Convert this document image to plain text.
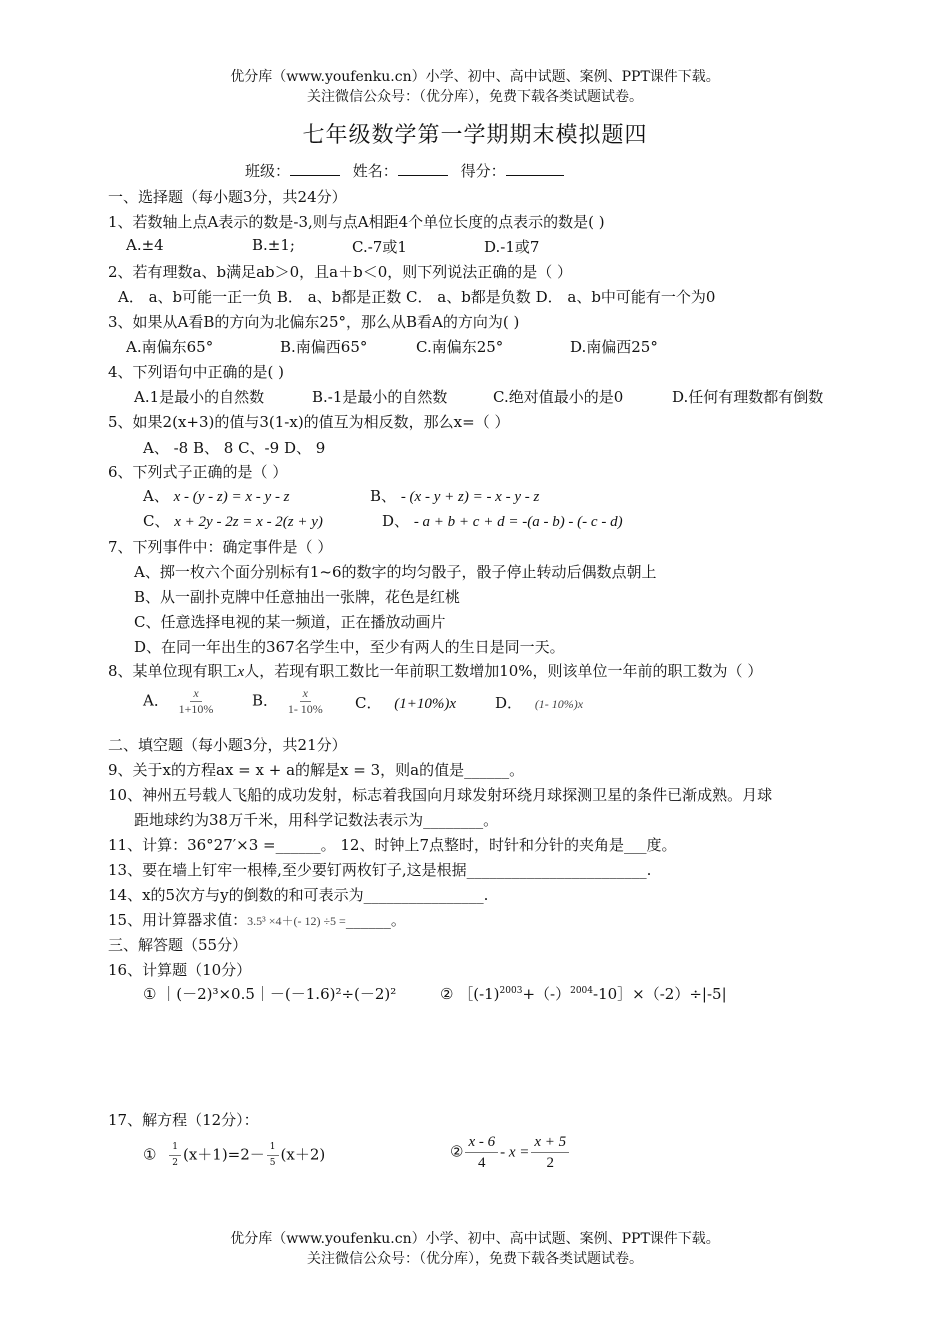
优分库（www.youfenku.cn）小学、初中、高中试题、案例、PPT课件下载。
关注微信公众号：（优分库），免费下载各类试题试卷。
七年级数学第一学期期末模拟题四
班级：	姓名：	得分：
一、选择题（每小题3分，共24分）
1、若数轴上点A表示的数是-3,则与点A相距4个单位长度的点表示的数是( )
A.±4	B.±1;	C.-7或1	D.-1或7
2、若有理数a、b满足ab＞0，且a＋b＜0，则下列说法正确的是（ ）
A． a、b可能一正一负 B． a、b都是正数 C． a、b都是负数 D． a、b中可能有一个为0
3、如果从A看B的方向为北偏东25°，那么从B看A的方向为( )
A.南偏东65°	B.南偏西65°	C.南偏东25°	D.南偏西25°
4、下列语句中正确的是( )
A.1是最小的自然数	B.-1是最小的自然数	C.绝对值最小的是0	D.任何有理数都有倒数
5、如果2(x+3)的值与3(1-x)的值互为相反数，那么x=（ ）
A、 -8 B、 8 C、-9 D、 9
6、下列式子正确的是（ ）
A、 x - (y - z) = x - y - z	B、 - (x - y + z) = - x - y - z
C、 x + 2y - 2z = x - 2(z + y)	D、 - a + b + c + d = -(a - b) - (- c - d)
7、下列事件中：确定事件是（ ）
A、掷一枚六个面分别标有1~6的数字的均匀骰子，骰子停止转动后偶数点朝上
B、从一副扑克牌中任意抽出一张牌，花色是红桃
C、任意选择电视的某一频道，正在播放动画片
D、在同一年出生的367名学生中，至少有两人的生日是同一天。
8、某单位现有职工x人，若现有职工数比一年前职工数增加10%，则该单位一年前的职工数为（ ）
A． $\frac{x}{1+10\%}$ B． $\frac{x}{1- 10\%}$ C． (1+10%)x	D． (1- 10%)x
二、填空题（每小题3分，共21分）
9、关于x的方程ax = x + a的解是x = 3，则a的值是______。
10、神州五号载人飞船的成功发射，标志着我国向月球发射环绕月球探测卫星的条件已渐成熟。月球
距地球约为38万千米，用科学记数法表示为________。
11、计算：36°27′×3 =______。 12、时钟上7点整时，时针和分针的夹角是___度。
13、要在墙上钉牢一根棒,至少要钉两枚钉子,这是根据________________________.
14、x的5次方与y的倒数的和可表示为________________.
15、用计算器求值：3.5³ ×4＋(- 12) ÷5 =______。
三、解答题（55分）
16、计算题（10分）
① ｜(－2)³×0.5｜－(－1.6)²÷(－2)²	② $[(-1)^{2003}+(-)^{2004}-10]\times(-2)\div|-5|$
17、解方程（12分）：
① $\frac{1}{2} (x+1)=2- \frac{1}{5} (x+2)$	② $\frac{x - 6}{4} - x = \frac{x + 5}{2}$
优分库（www.youfenku.cn）小学、初中、高中试题、案例、PPT课件下载。
关注微信公众号：（优分库），免费下载各类试题试卷。
